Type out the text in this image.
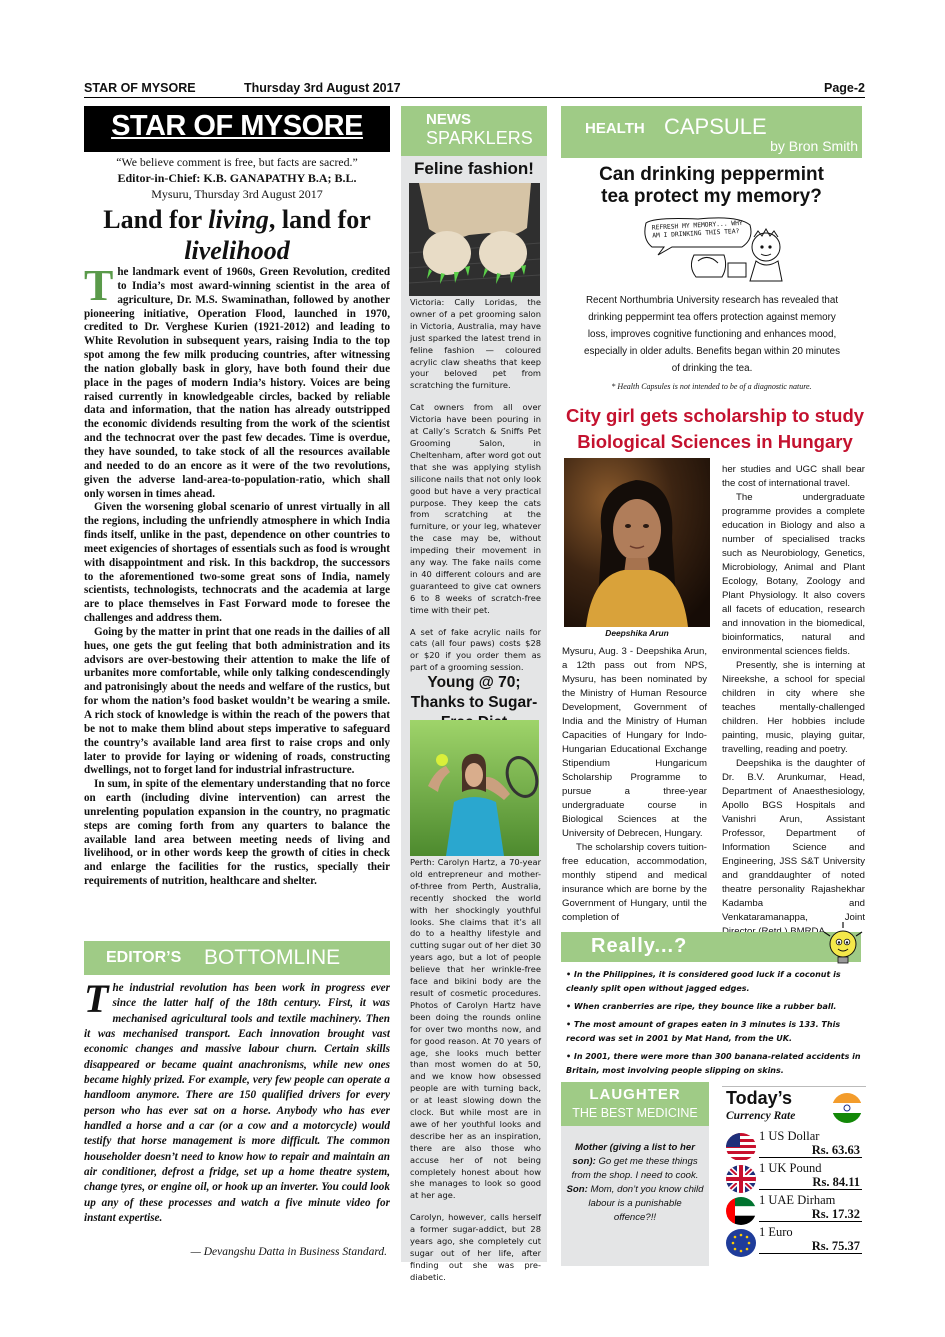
STAR OF MYSORE	Thursday 3rd August 2017	Page-2
STAR OF MYSORE
“We believe comment is free, but facts are sacred.”
Editor-in-Chief: K.B. GANAPATHY B.A; B.L.
Mysuru, Thursday 3rd August 2017
Land for living, land for
livelihood

The landmark event of 1960s, Green Revolution, credited to India’s most award-winning scientist in the area of agriculture, Dr. M.S. Swaminathan, followed by another pioneering initiative, Operation Flood, launched in 1970, credited to Dr. Verghese Kurien (1921-2012) and leading to White Revolution in subsequent years, raising India to the top spot among the few milk producing countries, after witnessing the nation globally bask in glory, have both found their due place in the pages of modern India’s history. Voices are being raised currently in knowledgeable circles, backed by reliable data and information, that the nation has already outstripped the economic dividends resulting from the work of the scientist and the technocrat over the past few decades. Time is overdue, they have sounded, to take stock of all the resources available and needed to do an encore as it were of the two revolutions, given the adverse land-area-to-population-ratio, which shall only worsen in times ahead.

Given the worsening global scenario of unrest virtually in all the regions, including the unfriendly atmosphere in which India finds itself, unlike in the past, dependence on other countries to meet exigencies of shortages of essentials such as food is wrought with disappointment and risk. In this backdrop, the successors to the aforementioned two-some great sons of India, namely scientists, technologists, technocrats and the academia at large are to place themselves in Fast Forward mode to foresee the challenges and address them.

Going by the matter in print that one reads in the dailies of all hues, one gets the gut feeling that both administration and its advisors are over-bestowing their attention to make the life of urbanites more comfortable, while only talking condescendingly and patronisingly about the needs and welfare of the rustics, but for whom the nation’s food basket wouldn’t be wearing a smile. A rich stock of knowledge is within the reach of the powers that be not to make them blind about steps imperative to safeguard the country’s available land area first to raise crops and only later to provide for laying or widening of roads, constructing dwellings, not to forget land for industrial infrastructure.

In sum, in spite of the elementary understanding that no force on earth (including divine intervention) can arrest the unrelenting population expansion in the country, no pragmatic steps are coming forth from any quarters to balance the available land area between meeting needs of living and livelihood, or in other words keep the growth of cities in check and enlarge the facilities for the rustics, specially their requirements of nutrition, healthcare and shelter.

EDITOR’S BOTTOMLINE
The industrial revolution has been work in progress ever since the latter half of the 18th century. First, it was mechanised agricultural tools and textile machinery. Then it was mechanised transport. Each innovation brought vast economic changes and massive labour churn. Certain skills disappeared or became quaint anachronisms, while new ones became highly prized. For example, very few people can operate a handloom anymore. There are 150 qualified drivers for every person who has ever sat on a horse. Anybody who has ever handled a horse and a car (or a cow and a motorcycle) would testify that horse management is more difficult. The common householder doesn’t need to know how to repair and maintain an air conditioner, defrost a fridge, set up a home theatre system, change tyres, or engine oil, or hook up an inverter. You could look up any of these processes and watch a five minute video for instant expertise.
— Devangshu Datta in Business Standard.
NEWS
SPARKLERS
Feline fashion!

Victoria: Cally Loridas, the owner of a pet grooming salon in Victoria, Australia, may have just sparked the latest trend in feline fashion — coloured acrylic claw sheaths that keep your beloved pet from scratching the furniture.

Cat owners from all over Victoria have been pouring in at Cally’s Scratch & Sniffs Pet Grooming Salon, in Cheltenham, after word got out that she was applying stylish silicone nails that not only look good but have a very practical purpose. They keep the cats from scratching at the furniture, or your leg, whatever the case may be, without impeding their movement in any way. The fake nails come in 40 different colours and are guaranteed to give cat owners 6 to 8 weeks of scratch-free time with their pet.

A set of fake acrylic nails for cats (all four paws) costs $28 or $20 if you order them as part of a grooming session.

Young @ 70; Thanks to Sugar-

Perth: Carolyn Hartz, a 70-year old entrepreneur and mother-of-three from Perth, Australia, recently shocked the world with her shockingly youthful looks. She claims that it’s all do to a healthy lifestyle and cutting sugar out of her diet 30 years ago, but a lot of people believe that her wrinkle-free face and bikini body are the result of cosmetic procedures. Photos of Carolyn Hartz have been doing the rounds online for over two months now, and for good reason. At 70 years of age, she looks much better than most women do at 50, and we know how obsessed people are with turning back, or at least slowing down the clock. But while most are in awe of her youthful looks and describe her as an inspiration, there are also those who accuse her of not being completely honest about how she manages to look so good at her age.

Carolyn, however, calls herself a former sugar-addict, but 28 years ago, she completely cut sugar out of her life, after finding out she was pre-diabetic.

HEALTH CAPSULE
by Bron Smith
Can drinking peppermint
tea protect my memory?
REFRESH MY MEMORY... WHY AM I DRINKING THIS TEA?
Recent Northumbria University research has revealed that drinking peppermint tea offers protection against memory loss, improves cognitive functioning and enhances mood, especially in older adults. Benefits began within 20 minutes of drinking the tea.
* Health Capsules is not intended to be of a diagnostic nature.
City girl gets scholarship to study
Biological Sciences in Hungary
Deepshika Arun

Mysuru, Aug. 3 - Deepshika Arun, a 12th pass out from NPS, Mysuru, has been nominated by the Ministry of Human Resource Development, Government of India and the Ministry of Human Capacities of Hungary for Indo-Hungarian Educational Exchange Stipendium Hungaricum Scholarship Programme to pursue a three-year undergraduate course in Biological Sciences at the University of Debrecen, Hungary.

The scholarship covers tuition-free education, accommodation, monthly stipend and medical insurance which are borne by the Government of Hungary, until the completion of

her studies and UGC shall bear the cost of international travel.

The undergraduate programme provides a complete education in Biology and also a number of specialised tracks such as Neurobiology, Genetics, Microbiology, Animal and Plant Ecology, Botany, Zoology and Plant Physiology. It also covers all facets of education, research and innovation in the biomedical, bioinformatics, natural and environmental sciences fields.

Presently, she is interning at Nireekshe, a school for special children in city where she teaches mentally-challenged children. Her hobbies include painting, music, playing guitar, travelling, reading and poetry.

Deepshika is the daughter of Dr. B.V. Arunkumar, Head, Department of Anaesthesiology, Apollo BGS Hospitals and Vanishri Arun, Assistant Professor, Department of Information Science and Engineering, JSS S&T University and granddaughter of noted theatre personality Rajashekhar Kadamba and Venkataramanappa, Joint

Really...?
• In the Philippines, it is considered good luck if a coconut is cleanly split open without jagged edges.
• When cranberries are ripe, they bounce like a rubber ball.
• The most amount of grapes eaten in 3 minutes is 133. This record was set in 2001 by Mat Hand, from the UK.
• In 2001, there were more than 300 banana-related accidents in Britain, most involving people slipping on skins.
LAUGHTER
THE BEST MEDICINE
Mother (giving a list to her son): Go get me these things from the shop. I need to cook.
Son: Mom, don’t you know child labour is a punishable offence?!!
Today’s
Currency Rate
1 US Dollar
Rs. 63.63
1 UK Pound
Rs. 84.11
1 UAE Dirham
Rs. 17.32
1 Euro
Rs. 75.37
